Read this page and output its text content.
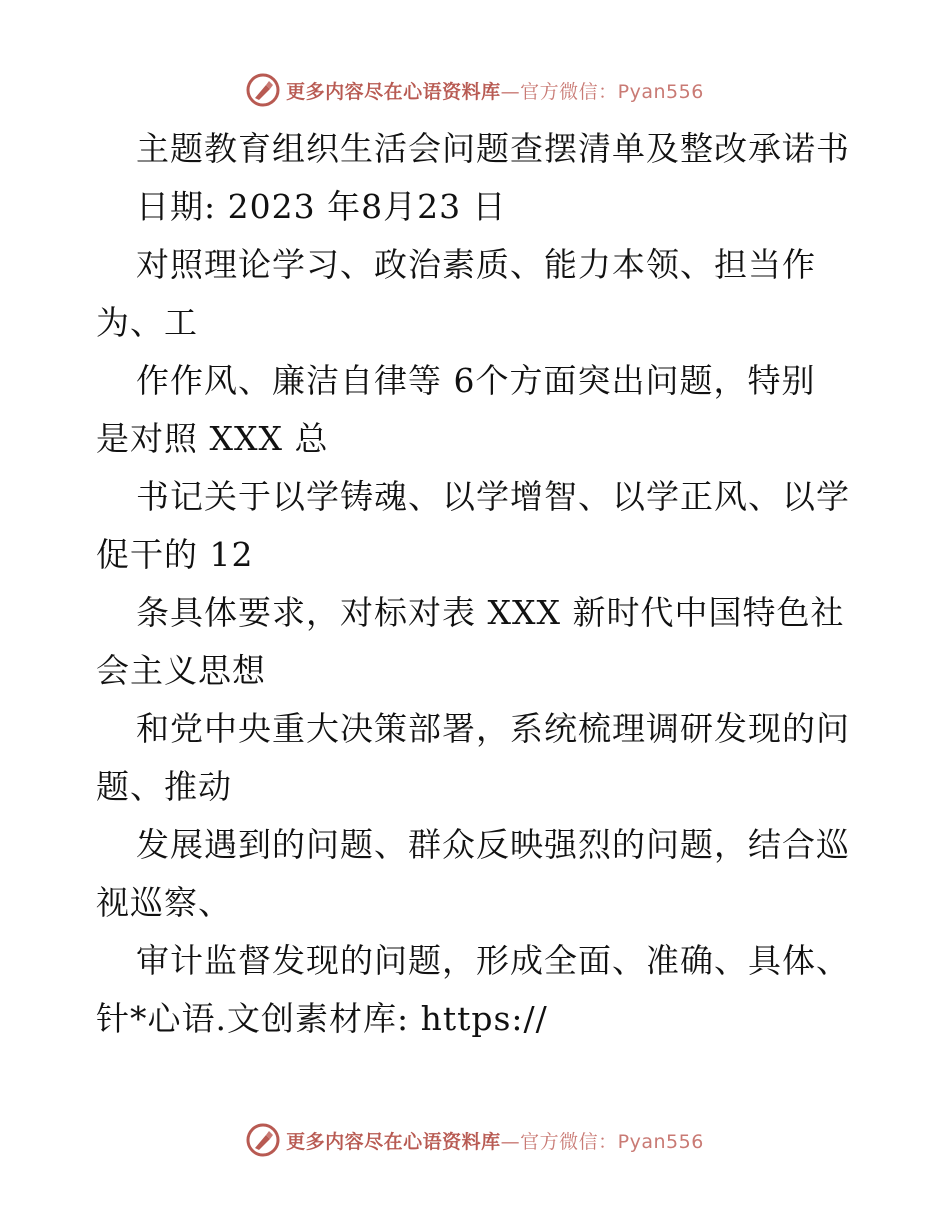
更多内容尽在心语资料库—官方微信：Pyan556
主题教育组织生活会问题查摆清单及整改承诺书
日期: 2023 年8月23 日
对照理论学习、政治素质、能力本领、担当作
为、工
作作风、廉洁自律等 6个方面突出问题，特别
是对照 XXX 总
书记关于以学铸魂、以学增智、以学正风、以学
促干的 12
条具体要求，对标对表 XXX 新时代中国特色社
会主义思想
和党中央重大决策部署，系统梳理调研发现的问
题、推动
发展遇到的问题、群众反映强烈的问题，结合巡
视巡察、
审计监督发现的问题，形成全面、准确、具体、
针*心语.文创素材库: https://
更多内容尽在心语资料库—官方微信：Pyan556
